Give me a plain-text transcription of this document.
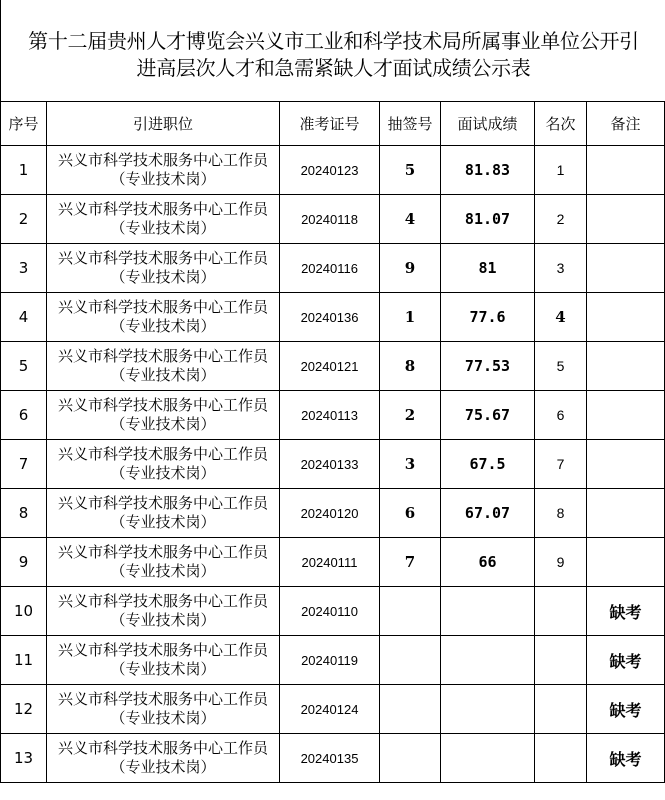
第十二届贵州人才博览会兴义市工业和科学技术局所属事业单位公开引
进高层次人才和急需紧缺人才面试成绩公示表
序号	引进职位	准考证号	抽签号	面试成绩	名次	备注
1	兴义市科学技术服务中心工作员
（专业技术岗）	20240123	5	81.83	1	
2	兴义市科学技术服务中心工作员
（专业技术岗）	20240118	4	81.07	2	
3	兴义市科学技术服务中心工作员
（专业技术岗）	20240116	9	81	3	
4	兴义市科学技术服务中心工作员
（专业技术岗）	20240136	1	77.6	4	
5	兴义市科学技术服务中心工作员
（专业技术岗）	20240121	8	77.53	5	
6	兴义市科学技术服务中心工作员
（专业技术岗）	20240113	2	75.67	6	
7	兴义市科学技术服务中心工作员
（专业技术岗）	20240133	3	67.5	7	
8	兴义市科学技术服务中心工作员
（专业技术岗）	20240120	6	67.07	8	
9	兴义市科学技术服务中心工作员
（专业技术岗）	20240111	7	66	9	
10	兴义市科学技术服务中心工作员
（专业技术岗）	20240110				缺考
11	兴义市科学技术服务中心工作员
（专业技术岗）	20240119				缺考
12	兴义市科学技术服务中心工作员
（专业技术岗）	20240124				缺考
13	兴义市科学技术服务中心工作员
（专业技术岗）	20240135				缺考
